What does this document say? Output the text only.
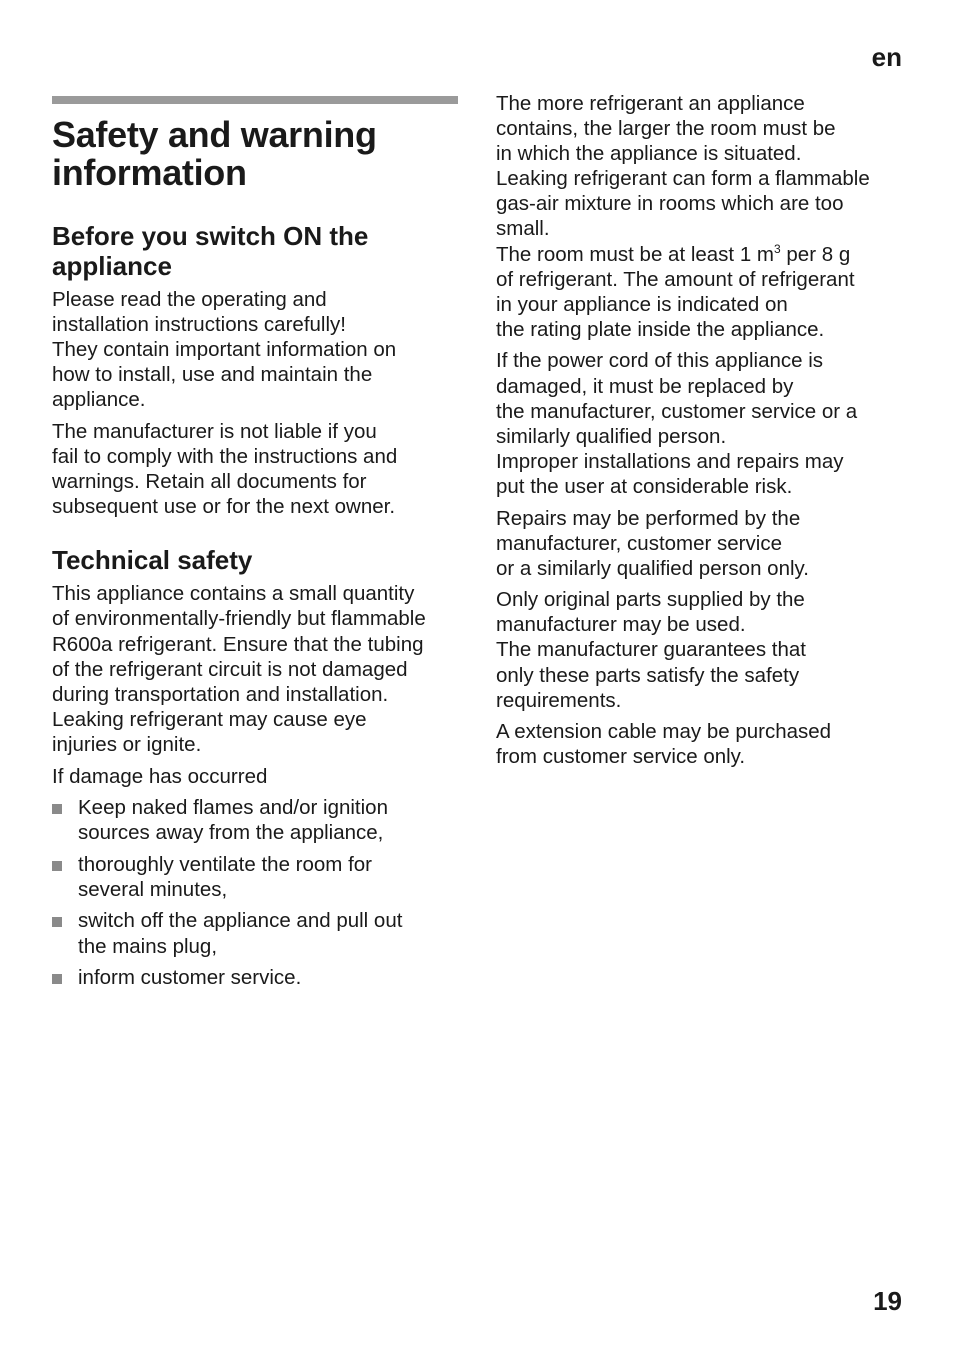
en
Safety and warning
information
Before you switch ON the
appliance

Please read the operating and
installation instructions carefully!
They contain important information on
how to install, use and maintain the
appliance.

The manufacturer is not liable if you
fail to comply with the instructions and
warnings. Retain all documents for
subsequent use or for the next owner.

Technical safety

This appliance contains a small quantity
of environmentally-friendly but flammable
R600a refrigerant. Ensure that the tubing
of the refrigerant circuit is not damaged
during transportation and installation.
Leaking refrigerant may cause eye
injuries or ignite.

If damage has occurred

Keep naked flames and/or ignition
sources away from the appliance,
thoroughly ventilate the room for
several minutes,
switch off the appliance and pull out
the mains plug,
inform customer service.

The more refrigerant an appliance
contains, the larger the room must be
in which the appliance is situated.
Leaking refrigerant can form a flammable
gas-air mixture in rooms which are too
small.
The room must be at least 1 $m^3$ per 8 g
of refrigerant. The amount of refrigerant
in your appliance is indicated on
the rating plate inside the appliance.

If the power cord of this appliance is
damaged, it must be replaced by
the manufacturer, customer service or a
similarly qualified person.
Improper installations and repairs may
put the user at considerable risk.

Repairs may be performed by the
manufacturer, customer service
or a similarly qualified person only.

Only original parts supplied by the
manufacturer may be used.
The manufacturer guarantees that
only these parts satisfy the safety
requirements.

A extension cable may be purchased
from customer service only.

19
